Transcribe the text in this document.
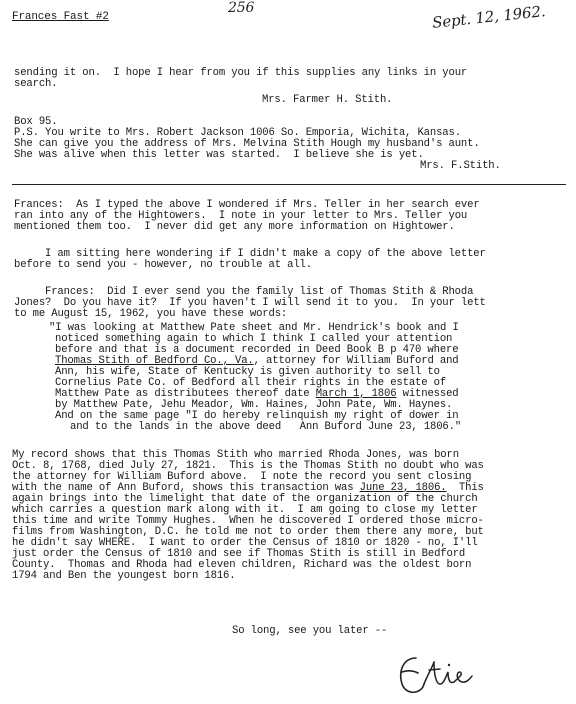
Frances Fast #2
256	Sept. 12, 1962.
sending it on.  I hope I hear from you if this supplies any links in your
search.
Mrs. Farmer H. Stith.
Box 95.
P.S. You write to Mrs. Robert Jackson 1006 So. Emporia, Wichita, Kansas.
She can give you the address of Mrs. Melvina Stith Hough my husband's aunt.
She was alive when this letter was started.  I believe she is yet.
Mrs. F.Stith.
Frances:  As I typed the above I wondered if Mrs. Teller in her search ever
ran into any of the Hightowers.  I note in your letter to Mrs. Teller you
mentioned them too.  I never did get any more information on Hightower.
I am sitting here wondering if I didn't make a copy of the above letter
before to send you - however, no trouble at all.
Frances:  Did I ever send you the family list of Thomas Stith & Rhoda
Jones?  Do you have it?  If you haven't I will send it to you.  In your lett
to me August 15, 1962, you have these words:
"I was looking at Matthew Pate sheet and Mr. Hendrick's book and I
noticed something again to which I think I called your attention
before and that is a document recorded in Deed Book B p 470 where
Thomas Stith of Bedford Co., Va., attorney for William Buford and
Ann, his wife, State of Kentucky is given authority to sell to
Cornelius Pate Co. of Bedford all their rights in the estate of
Matthew Pate as distributees thereof date March 1, 1806 witnessed
by Matthew Pate, Jehu Meador, Wm. Haines, John Pate, Wm. Haynes.
And on the same page "I do hereby relinquish my right of dower in
and to the lands in the above deed   Ann Buford June 23, 1806."
My record shows that this Thomas Stith who married Rhoda Jones, was born
Oct. 8, 1768, died July 27, 1821.  This is the Thomas Stith no doubt who was
the attorney for William Buford above.  I note the record you sent closing
with the name of Ann Buford, shows this transaction was June 23, 1806.  This
again brings into the limelight that date of the organization of the church
which carries a question mark along with it.  I am going to close my letter
this time and write Tommy Hughes.  When he discovered I ordered those micro-
films from Washington, D.C. he told me not to order them there any more, but
he didn't say WHERE.  I want to order the Census of 1810 or 1820 - no, I'll
just order the Census of 1810 and see if Thomas Stith is still in Bedford
County.  Thomas and Rhoda had eleven children, Richard was the oldest born
1794 and Ben the youngest born 1816.
So long, see you later --
